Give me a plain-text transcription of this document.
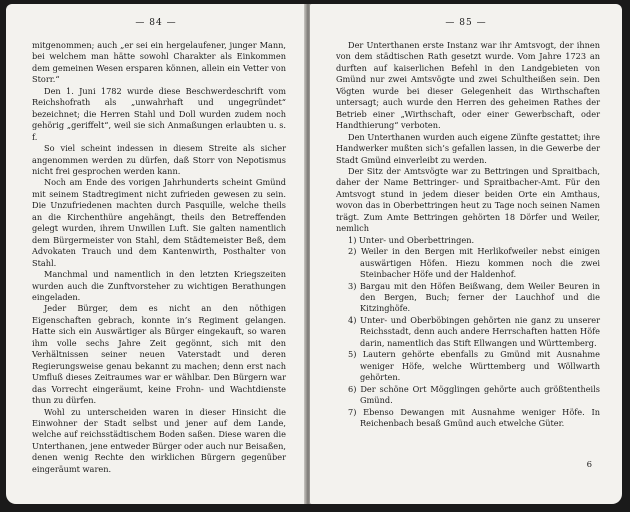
— 84 —

mitgenommen; auch „er sei ein hergelaufener, junger Mann, bei welchem man hätte sowohl Charakter als Einkommen dem gemeinen Wesen ersparen können, allein ein Vetter von Storr.“

Den 1. Juni 1782 wurde diese Beschwerdeschrift vom Reichshofrath als „unwahrhaft und ungegründet“ bezeichnet; die Herren Stahl und Doll wurden zudem noch gehörig „geriffelt“, weil sie sich Anmaßungen erlaubten u. s. f.

So viel scheint indessen in diesem Streite als sicher angenommen werden zu dürfen, daß Storr von Nepotismus nicht frei gesprochen werden kann.

Noch am Ende des vorigen Jahrhunderts scheint Gmünd mit seinem Stadtregiment nicht zufrieden gewesen zu sein. Die Unzufriedenen machten durch Pasquille, welche theils an die Kirchenthüre angehängt, theils den Betreffenden gelegt wurden, ihrem Unwillen Luft. Sie galten namentlich dem Bürgermeister von Stahl, dem Städtemeister Beß, dem Advokaten Trauch und dem Kantenwirth, Posthalter von Stahl.

Manchmal und namentlich in den letzten Kriegszeiten wurden auch die Zunftvorsteher zu wichtigen Berathungen eingeladen.

Jeder Bürger, dem es nicht an den nöthigen Eigenschaften gebrach, konnte in’s Regiment gelangen. Hatte sich ein Auswärtiger als Bürger eingekauft, so waren ihm volle sechs Jahre Zeit gegönnt, sich mit den Verhältnissen seiner neuen Vaterstadt und deren Regierungsweise genau bekannt zu machen; denn erst nach Umfluß dieses Zeitraumes war er wählbar. Den Bürgern war das Vorrecht eingeräumt, keine Frohn- und Wachtdienste thun zu dürfen.

Wohl zu unterscheiden waren in dieser Hinsicht die Einwohner der Stadt selbst und jener auf dem Lande, welche auf reichsstädtischem Boden saßen. Diese waren die Unterthanen, jene entweder Bürger oder auch nur Beisaßen, denen wenig Rechte den wirklichen Bürgern gegenüber eingeräumt waren.

— 85 —

Der Unterthanen erste Instanz war ihr Amtsvogt, der ihnen von dem städtischen Rath gesetzt wurde. Vom Jahre 1723 an durften auf kaiserlichen Befehl in den Landgebieten von Gmünd nur zwei Amtsvögte und zwei Schultheißen sein. Den Vögten wurde bei dieser Gelegenheit das Wirthschaften untersagt; auch wurde den Herren des geheimen Rathes der Betrieb einer „Wirthschaft, oder einer Gewerbschaft, oder Handthierung“ verboten.

Den Unterthanen wurden auch eigene Zünfte gestattet; ihre Handwerker mußten sich’s gefallen lassen, in die Gewerbe der Stadt Gmünd einverleibt zu werden.

Der Sitz der Amtsvögte war zu Bettringen und Spraitbach, daher der Name Bettringer- und Spraitbacher-Amt. Für den Amtsvogt stund in jedem dieser beiden Orte ein Amthaus, wovon das in Oberbettringen heut zu Tage noch seinen Namen trägt. Zum Amte Bettringen gehörten 18 Dörfer und Weiler, nemlich

1) Unter- und Oberbettringen.
2) Weiler in den Bergen mit Herlikofweiler nebst einigen auswärtigen Höfen. Hiezu kommen noch die zwei Steinbacher Höfe und der Haldenhof.
3) Bargau mit den Höfen Beißwang, dem Weiler Beuren in den Bergen, Buch; ferner der Lauchhof und die Kitzinghöfe.
4) Unter- und Oberböbingen gehörten nie ganz zu unserer Reichsstadt, denn auch andere Herrschaften hatten Höfe darin, namentlich das Stift Ellwangen und Württemberg.
5) Lautern gehörte ebenfalls zu Gmünd mit Ausnahme weniger Höfe, welche Württemberg und Wöllwarth gehörten.
6) Der schöne Ort Mögglingen gehörte auch größtentheils Gmünd.
7) Ebenso Dewangen mit Ausnahme weniger Höfe. In Reichenbach besaß Gmünd auch etwelche Güter.
6
